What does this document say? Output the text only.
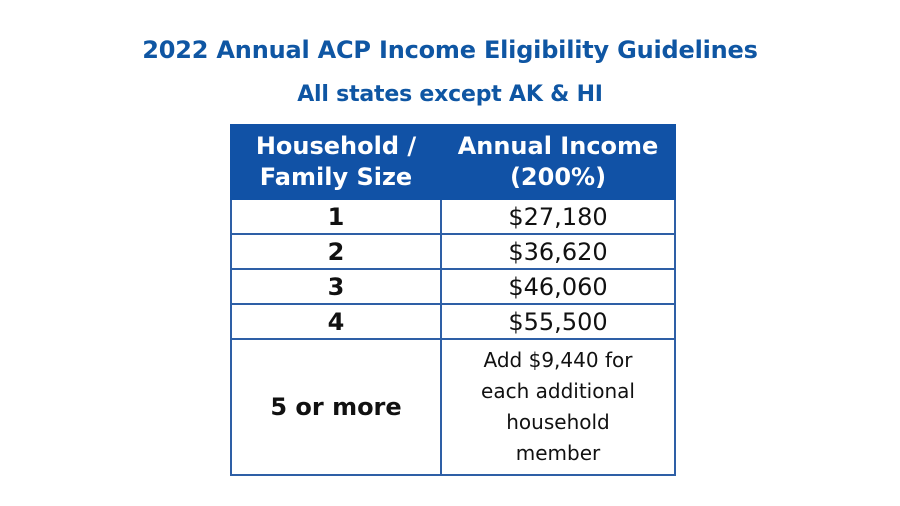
2022 Annual ACP Income Eligibility Guidelines
All states except AK & HI
Household /
Family Size	Annual Income
(200%)
1	$27,180
2	$36,620
3	$46,060
4	$55,500
5 or more	Add $9,440 for
each additional
household
member
